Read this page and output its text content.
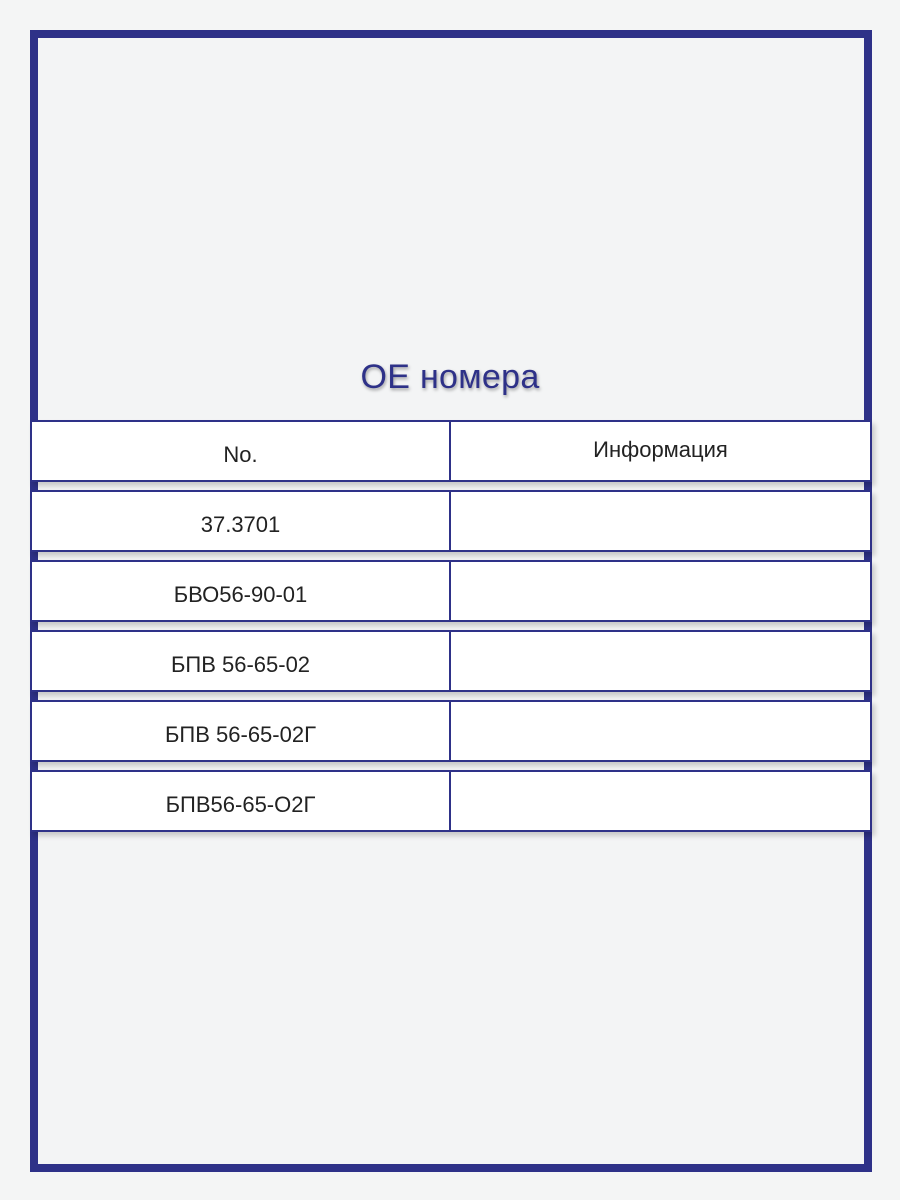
OE номера
No.	Информация
37.3701
БВО56-90-01
БПВ 56-65-02
БПВ 56-65-02Г
БПВ56-65-О2Г
